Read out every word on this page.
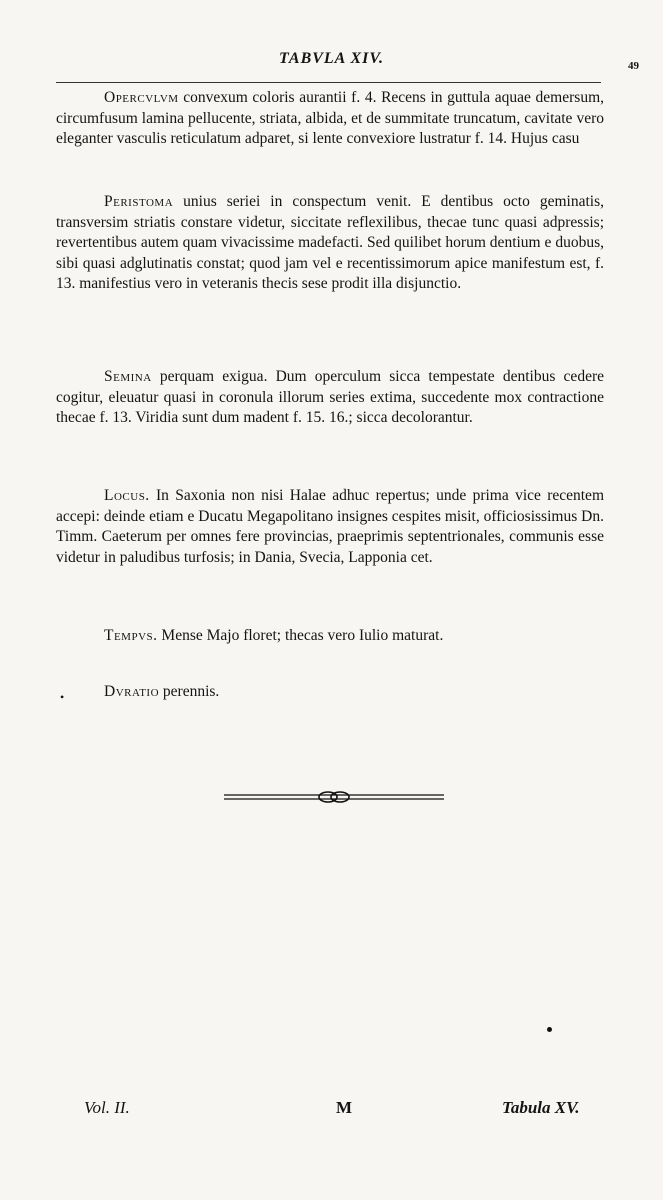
TABVLA XIV.	49

Opercvlvm convexum coloris aurantii f. 4. Recens in guttula aquae demersum, circumfusum lamina pellucente, striata, albida, et de summitate truncatum, cavitate vero eleganter vasculis reticulatum adparet, si lente convexiore lustratur f. 14. Hujus casu

Peristoma unius seriei in conspectum venit. E dentibus octo geminatis, transversim striatis constare videtur, siccitate reflexilibus, thecae tunc quasi adpressis; revertentibus autem quam vivacissime madefacti. Sed quilibet horum dentium e duobus, sibi quasi adglutinatis constat; quod jam vel e recentissimorum apice manifestum est, f. 13. manifestius vero in veteranis thecis sese prodit illa disjunctio.

Semina perquam exigua. Dum operculum sicca tempestate dentibus cedere cogitur, eleuatur quasi in coronula illorum series extima, succedente mox contractione thecae f. 13. Viridia sunt dum madent f. 15. 16.; sicca decolorantur.

Locus. In Saxonia non nisi Halae adhuc repertus; unde prima vice recentem accepi: deinde etiam e Ducatu Megapolitano insignes cespites misit, officiosissimus Dn. Timm. Caeterum per omnes fere provincias, praeprimis septentrionales, communis esse videtur in paludibus turfosis; in Dania, Svecia, Lapponia cet.

Tempvs. Mense Majo floret; thecas vero Iulio maturat.

•	Dvratio perennis.

Vol. II.	M	Tabula XV.
